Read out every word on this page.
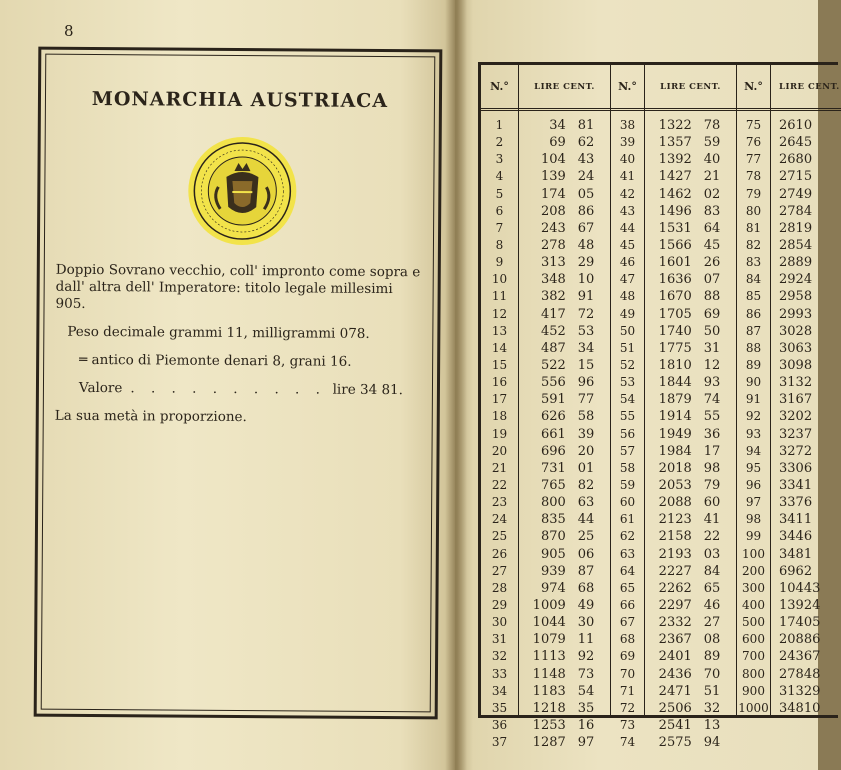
8
MONARCHIA AUSTRIACA

Doppio Sovrano vecchio, coll' impronto come sopra e dall' altra dell' Imperatore: titolo legale millesimi 905.

Peso decimale grammi 11, milligrammi 078.

═ antico di Piemonte denari 8, grani 16.

Valore . . . . . . . . . . lire 34 81.

La sua metà in proporzione.

N.°
1
2
3
4
5
6
7
8
9
10
11
12
13
14
15
16
17
18
19
20
21
22
23
24
25
26
27
28
29
30
31
32
33
34
35
36
37
LIRE CENT.
34 81
69 62
104 43
139 24
174 05
208 86
243 67
278 48
313 29
348 10
382 91
417 72
452 53
487 34
522 15
556 96
591 77
626 58
661 39
696 20
731 01
765 82
800 63
835 44
870 25
905 06
939 87
974 68
1009 49
1044 30
1079 11
1113 92
1148 73
1183 54
1218 35
1253 16
1287 97
N.°
38
39
40
41
42
43
44
45
46
47
48
49
50
51
52
53
54
55
56
57
58
59
60
61
62
63
64
65
66
67
68
69
70
71
72
73
74
LIRE CENT.
1322 78
1357 59
1392 40
1427 21
1462 02
1496 83
1531 64
1566 45
1601 26
1636 07
1670 88
1705 69
1740 50
1775 31
1810 12
1844 93
1879 74
1914 55
1949 36
1984 17
2018 98
2053 79
2088 60
2123 41
2158 22
2193 03
2227 84
2262 65
2297 46
2332 27
2367 08
2401 89
2436 70
2471 51
2506 32
2541 13
2575 94
N.°
75
76
77
78
79
80
81
82
83
84
85
86
87
88
89
90
91
92
93
94
95
96
97
98
99
100
200
300
400
500
600
700
800
900
1000
LIRE CENT.
2610
2645
2680
2715
2749
2784
2819
2854
2889
2924
2958
2993
3028
3063
3098
3132
3167
3202
3237
3272
3306
3341
3376
3411
3446
3481
6962
10443
13924
17405
20886
24367
27848
31329
34810
